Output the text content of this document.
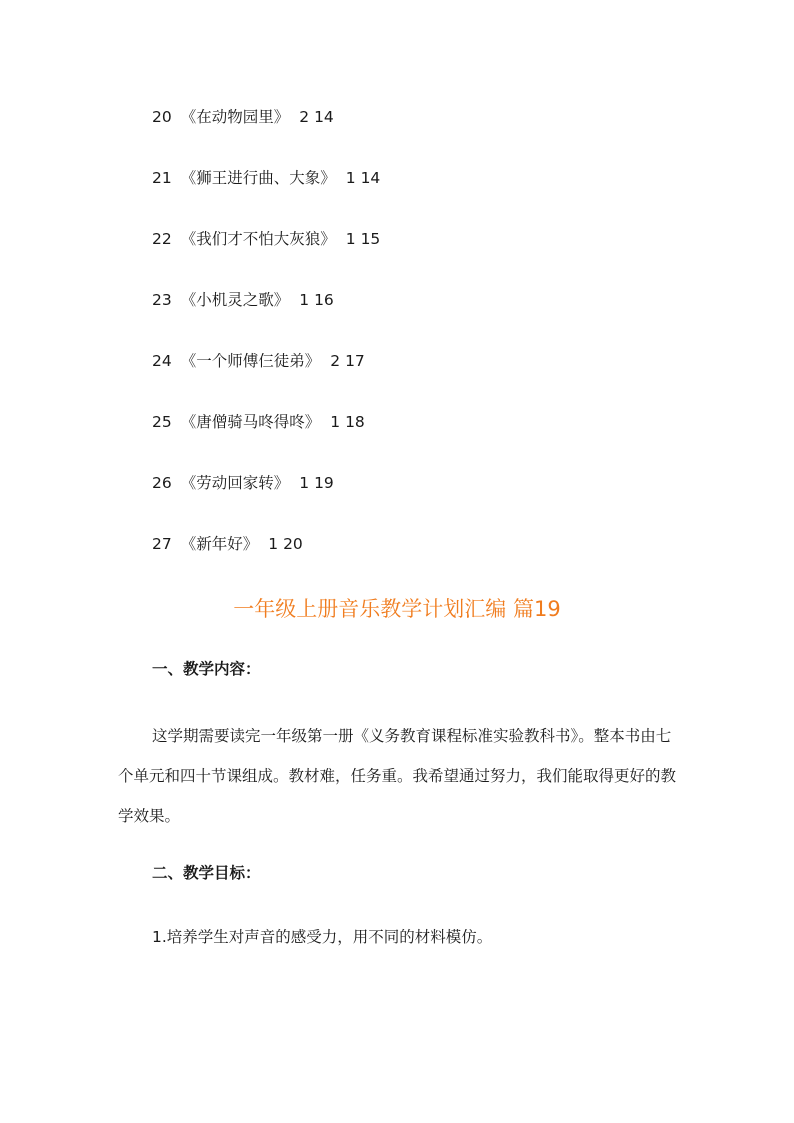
20 《在动物园里》 2 14
21 《狮王进行曲、大象》 1 14
22 《我们才不怕大灰狼》 1 15
23 《小机灵之歌》 1 16
24 《一个师傅仨徒弟》 2 17
25 《唐僧骑马咚得咚》 1 18
26 《劳动回家转》 1 19
27 《新年好》 1 20
一年级上册音乐教学计划汇编 篇19
一、教学内容：
这学期需要读完一年级第一册《义务教育课程标准实验教科书》。整本书由七个单元和四十节课组成。教材难，任务重。我希望通过努力，我们能取得更好的教学效果。
二、教学目标：
1.培养学生对声音的感受力，用不同的材料模仿。
